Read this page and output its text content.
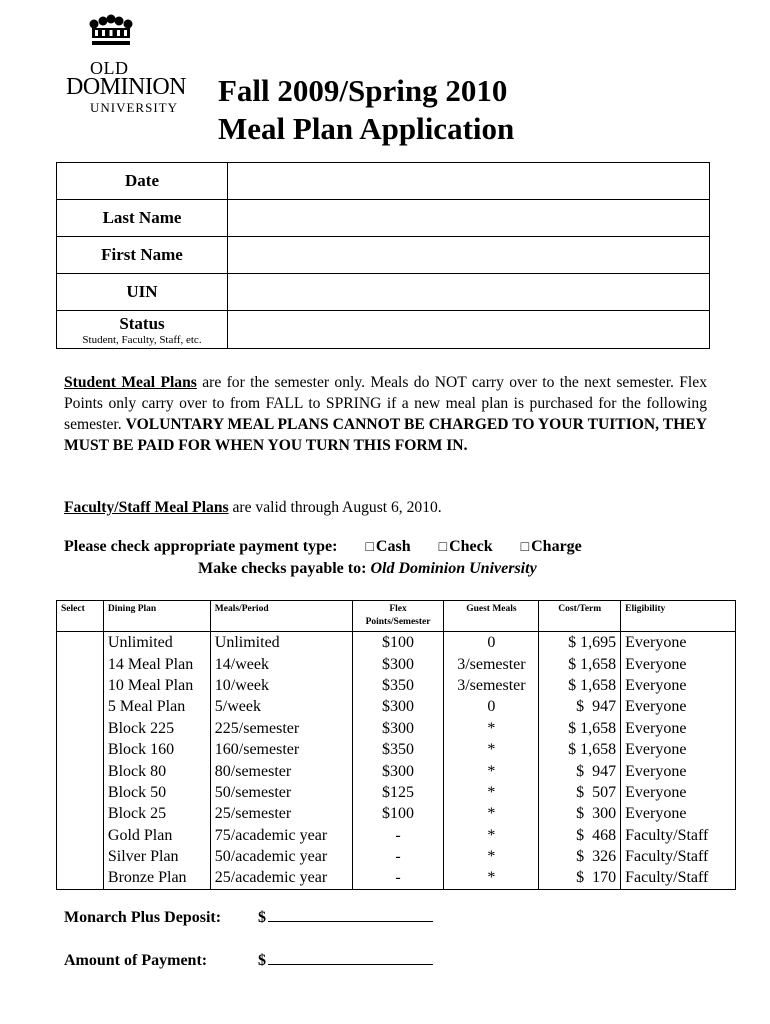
OLD
DOMINION
UNIVERSITY Fall 2009/Spring 2010
Meal Plan Application
Date	
Last Name	
First Name	
UIN	

Status
Student, Faculty, Staff, etc.	

Student Meal Plans are for the semester only. Meals do NOT carry over to the next semester. Flex Points only carry over to from FALL to SPRING if a new meal plan is purchased for the following semester. VOLUNTARY MEAL PLANS CANNOT BE CHARGED TO YOUR TUITION, THEY MUST BE PAID FOR WHEN YOU TURN THIS FORM IN.
Faculty/Staff Meal Plans are valid through August 6, 2010.
Please check appropriate payment type: □ Cash □ Check □ Charge
Make checks payable to: Old Dominion University
Select	Dining Plan	Meals/Period	Flex Points/Semester	Guest Meals	Cost/Term	Eligibility
	Unlimited	Unlimited	$100	0	$ 1,695	Everyone
	14 Meal Plan	14/week	$300	3/semester	$ 1,658	Everyone
	10 Meal Plan	10/week	$350	3/semester	$ 1,658	Everyone
	5 Meal Plan	5/week	$300	0	$  947	Everyone
	Block 225	225/semester	$300	*	$ 1,658	Everyone
	Block 160	160/semester	$350	*	$ 1,658	Everyone
	Block 80	80/semester	$300	*	$  947	Everyone
	Block 50	50/semester	$125	*	$  507	Everyone
	Block 25	25/semester	$100	*	$  300	Everyone
	Gold Plan	75/academic year	-	*	$  468	Faculty/Staff
	Silver Plan	50/academic year	-	*	$  326	Faculty/Staff
	Bronze Plan	25/academic year	-	*	$  170	Faculty/Staff
Monarch Plus Deposit: $
Amount of Payment:	$
